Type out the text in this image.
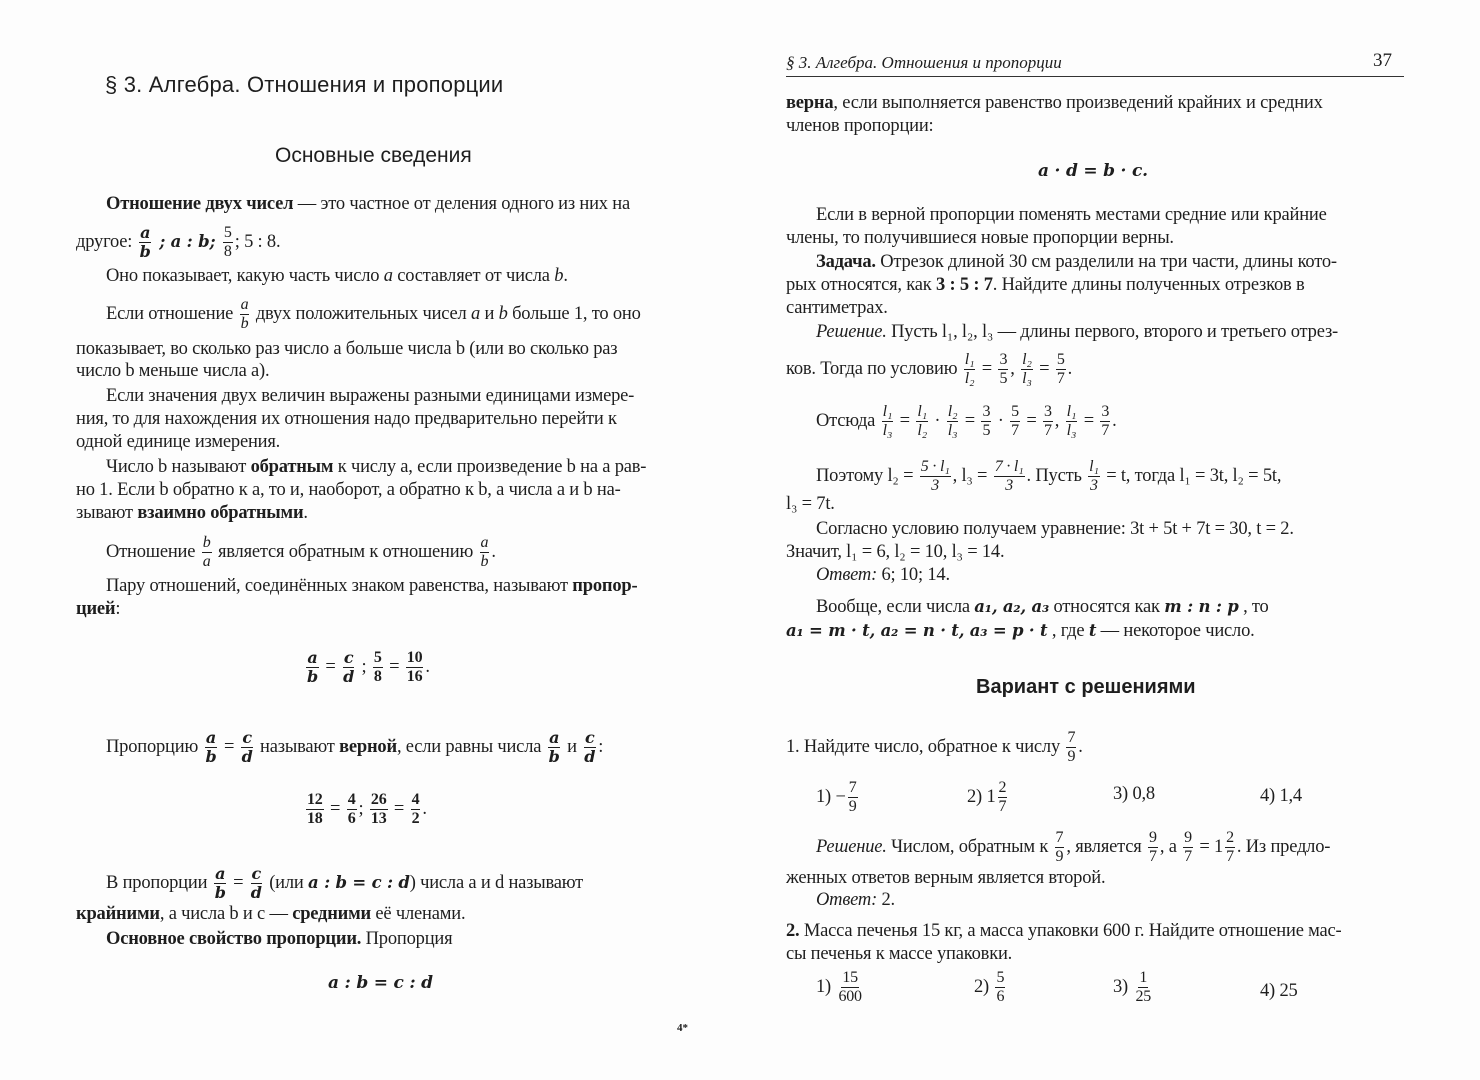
§ 3. Алгебра. Отношения и пропорции
Основные сведения
Отношение двух чисел — это частное от деления одного из них на
другое: $\frac{a}{b}$ ; a : b; $\frac{5}{8}$ ; 5 : 8.
Оно показывает, какую часть число a составляет от числа b.
Если отношение $\frac{a}{b}$ двух положительных чисел a и b больше 1, то оно
показывает, во сколько раз число a больше числа b (или во сколько раз
число b меньше числа a).
Если значения двух величин выражены разными единицами измере-
ния, то для нахождения их отношения надо предварительно перейти к
одной единице измерения.
Число b называют обратным к числу a, если произведение b на a рав-
но 1. Если b обратно к a, то и, наоборот, a обратно к b, а числа a и b на-
зывают взаимно обратными.
Отношение $\frac{b}{a}$ является обратным к отношению $\frac{a}{b}$ .
Пару отношений, соединённых знаком равенства, называют пропор-
цией:
$\frac{a}{b} = \frac{c}{d}$ ; $\frac{5}{8} = \frac{10}{16}$ .
Пропорцию $\frac{a}{b} = \frac{c}{d}$ называют верной, если равны числа $\frac{a}{b}$ и $\frac{c}{d}$ :
$\frac{12}{18} = \frac{4}{6}$ ; $\frac{26}{13} = \frac{4}{2}$ .
В пропорции $\frac{a}{b} = \frac{c}{d} (или$ a : b = c : d) числа a и d называют
крайними, а числа b и c — средними её членами.
Основное свойство пропорции. Пропорция
a : b = c : d
4*
§ 3. Алгебра. Отношения и пропорции	37
верна, если выполняется равенство произведений крайних и средних
членов пропорции:
a · d = b · c.
Если в верной пропорции поменять местами средние или крайние
члены, то получившиеся новые пропорции верны.
Задача. Отрезок длиной 30 см разделили на три части, длины кото-
рых относятся, как 3 : 5 : 7. Найдите длины полученных отрезков в
сантиметрах.
Решение. Пусть l₁, l₂, l₃ — длины первого, второго и третьего отрез-
ков. Тогда по условию $\frac{\text{l₁}}{\text{l₂}} = \frac{3}{5}$ , $\frac{\text{l₂}}{\text{l₃}} = \frac{5}{7}$ .
Отсюда $\frac{\text{l₁}}{\text{l₃}} = \frac{\text{l₁}}{\text{l₂}} \cdot \frac{\text{l₂}}{\text{l₃}} = \frac{3}{5} \cdot \frac{5}{7} = \frac{3}{7}$ , $\frac{\text{l₁}}{\text{l₃}} = \frac{3}{7}$ .
Поэтому $l_2 = \frac{\text{5 · l₁}}{3}$ , $l_3 = \frac{\text{7 · l₁}}{3}$ . Пусть $\frac{\text{l₁}}{3} = t$, тогда l₁ = 3t, l₂ = 5t,
l₃ = 7t.
Согласно условию получаем уравнение: 3t + 5t + 7t = 30, t = 2.
Значит, l₁ = 6, l₂ = 10, l₃ = 14.
Ответ: 6; 10; 14.
Вообще, если числа a₁, a₂, a₃ относятся как m : n : p , то
a₁ = m · t, a₂ = n · t, a₃ = p · t , где t — некоторое число.
Вариант с решениями
1. Найдите число, обратное к числу $\frac{7}{9}$ .
$1) - \frac{7}{9}$	2) $1 \frac{2}{7}$	3) 0,8	4) 1,4
Решение. Числом, обратным к $\frac{7}{9}$ , является $\frac{9}{7}$ , а $\frac{9}{7} = 1 \frac{2}{7}$ . Из предло-
женных ответов верным является второй.
Ответ: 2.
2. Масса печенья 15 кг, а масса упаковки 600 г. Найдите отношение мас-
сы печенья к массе упаковки.
$1) \frac{15}{600}$	$2) \frac{5}{6}$	$3) \frac{1}{25}$	4) 25
